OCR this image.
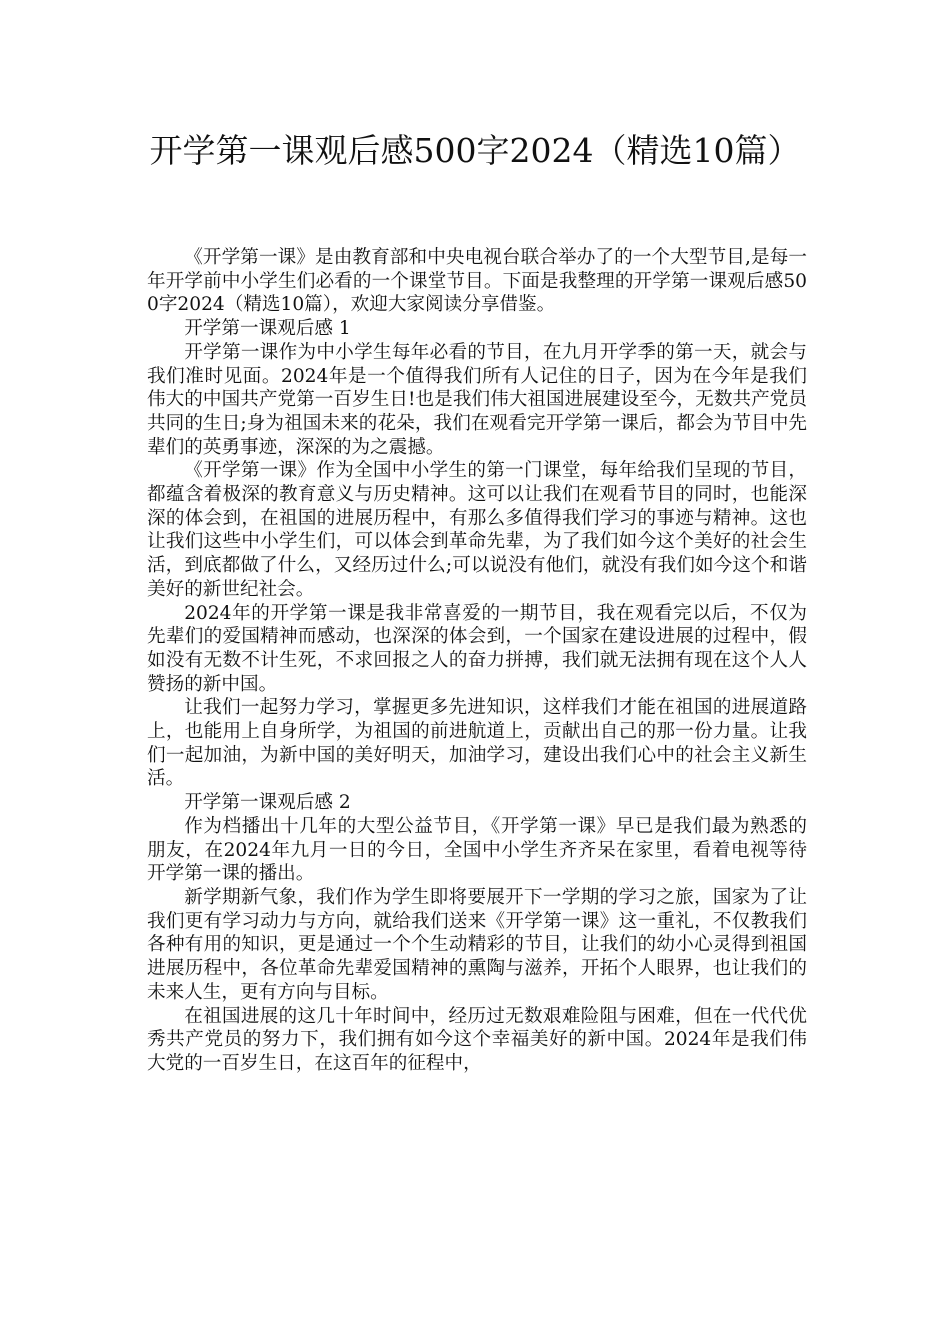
开学第一课观后感500字2024（精选10篇）

《开学第一课》是由教育部和中央电视台联合举办了的一个大型节目,是每一年开学前中小学生们必看的一个课堂节目。下面是我整理的开学第一课观后感500字2024（精选10篇），欢迎大家阅读分享借鉴。

开学第一课观后感 1

开学第一课作为中小学生每年必看的节目，在九月开学季的第一天，就会与我们准时见面。2024年是一个值得我们所有人记住的日子，因为在今年是我们伟大的中国共产党第一百岁生日!也是我们伟大祖国进展建设至今，无数共产党员共同的生日;身为祖国未来的花朵，我们在观看完开学第一课后，都会为节目中先辈们的英勇事迹，深深的为之震撼。

《开学第一课》作为全国中小学生的第一门课堂，每年给我们呈现的节目，都蕴含着极深的教育意义与历史精神。这可以让我们在观看节目的同时，也能深深的体会到，在祖国的进展历程中，有那么多值得我们学习的事迹与精神。这也让我们这些中小学生们，可以体会到革命先辈，为了我们如今这个美好的社会生活，到底都做了什么，又经历过什么;可以说没有他们，就没有我们如今这个和谐美好的新世纪社会。

2024年的开学第一课是我非常喜爱的一期节目，我在观看完以后，不仅为先辈们的爱国精神而感动，也深深的体会到，一个国家在建设进展的过程中，假如没有无数不计生死，不求回报之人的奋力拼搏，我们就无法拥有现在这个人人赞扬的新中国。

让我们一起努力学习，掌握更多先进知识，这样我们才能在祖国的进展道路上，也能用上自身所学，为祖国的前进航道上，贡献出自己的那一份力量。让我们一起加油，为新中国的美好明天，加油学习，建设出我们心中的社会主义新生活。

开学第一课观后感 2

作为档播出十几年的大型公益节目，《开学第一课》早已是我们最为熟悉的朋友，在2024年九月一日的今日，全国中小学生齐齐呆在家里，看着电视等待开学第一课的播出。

新学期新气象，我们作为学生即将要展开下一学期的学习之旅，国家为了让我们更有学习动力与方向，就给我们送来《开学第一课》这一重礼，不仅教我们各种有用的知识，更是通过一个个生动精彩的节目，让我们的幼小心灵得到祖国进展历程中，各位革命先辈爱国精神的熏陶与滋养，开拓个人眼界，也让我们的未来人生，更有方向与目标。

在祖国进展的这几十年时间中，经历过无数艰难险阻与困难，但在一代代优秀共产党员的努力下，我们拥有如今这个幸福美好的新中国。2024年是我们伟大党的一百岁生日，在这百年的征程中，
